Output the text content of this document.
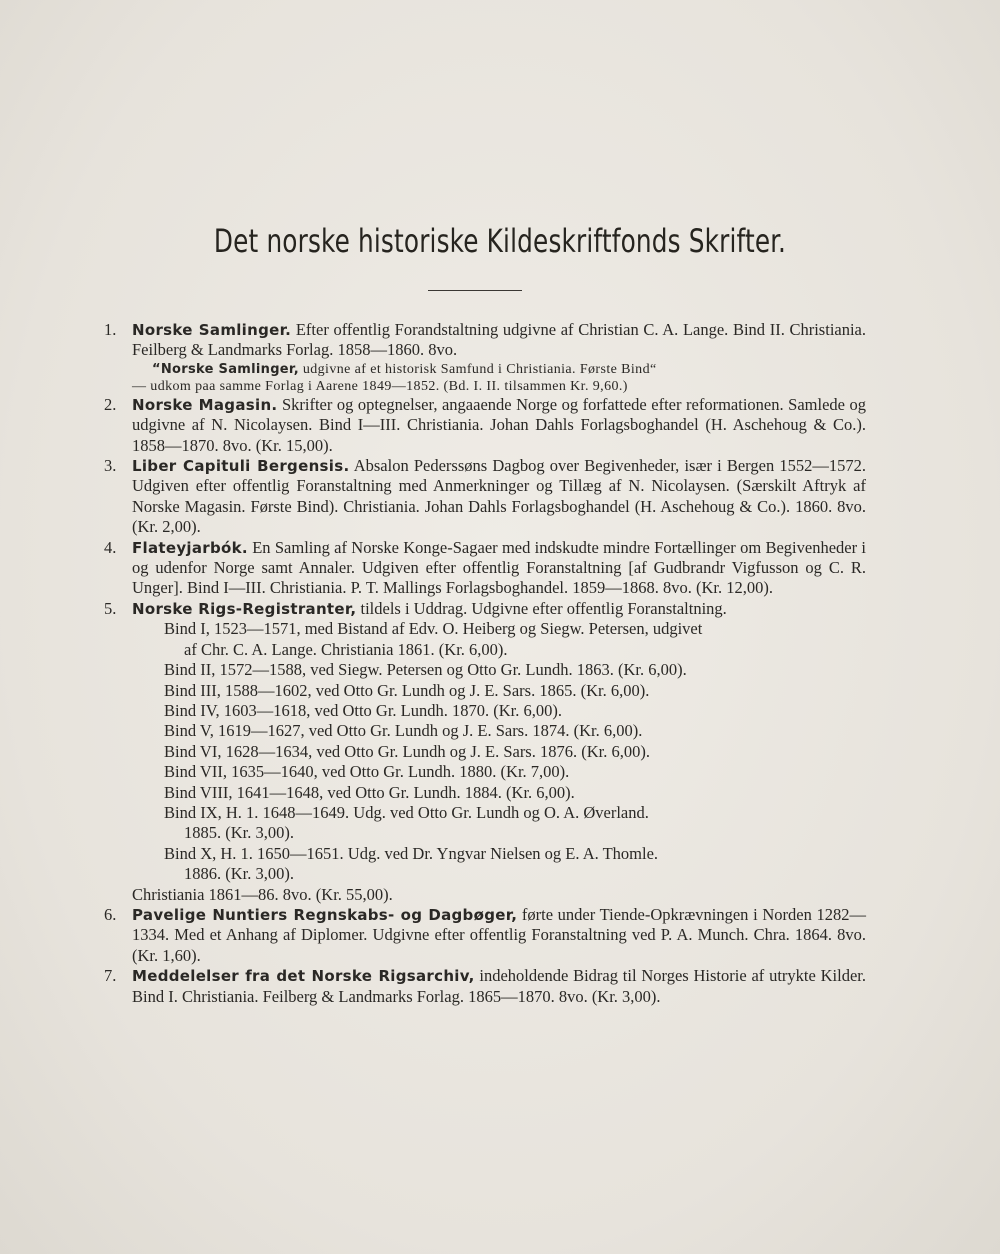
Det norske historiske Kildeskriftfonds Skrifter.
1. Norske Samlinger. Efter offentlig Forandstaltning udgivne af Christian C. A. Lange. Bind II. Christiania. Feilberg & Landmarks Forlag. 1858—1860. 8vo.
“Norske Samlinger, udgivne af et historisk Samfund i Christiania. Første Bind“
— udkom paa samme Forlag i Aarene 1849—1852. (Bd. I. II. tilsammen Kr. 9,60.)
2. Norske Magasin. Skrifter og optegnelser, angaaende Norge og forfattede efter reformationen. Samlede og udgivne af N. Nicolaysen. Bind I—III. Christiania. Johan Dahls Forlagsboghandel (H. Aschehoug & Co.). 1858—1870. 8vo. (Kr. 15,00).
3. Liber Capituli Bergensis. Absalon Pederssøns Dagbog over Begivenheder, især i Bergen 1552—1572. Udgiven efter offentlig Foranstaltning med Anmerkninger og Tillæg af N. Nicolaysen. (Særskilt Aftryk af Norske Magasin. Første Bind). Christiania. Johan Dahls Forlagsboghandel (H. Aschehoug & Co.). 1860. 8vo. (Kr. 2,00).
4. Flateyjarbók. En Samling af Norske Konge-Sagaer med indskudte mindre Fortællinger om Begivenheder i og udenfor Norge samt Annaler. Udgiven efter offentlig Foranstaltning [af Gudbrandr Vigfusson og C. R. Unger]. Bind I—III. Christiania. P. T. Mallings Forlagsboghandel. 1859—1868. 8vo. (Kr. 12,00).
5. Norske Rigs-Registranter, tildels i Uddrag. Udgivne efter offentlig Foranstaltning.
Bind I, 1523—1571, med Bistand af Edv. O. Heiberg og Siegw. Petersen, udgivet
af Chr. C. A. Lange. Christiania 1861. (Kr. 6,00).
Bind II, 1572—1588, ved Siegw. Petersen og Otto Gr. Lundh. 1863. (Kr. 6,00).
Bind III, 1588—1602, ved Otto Gr. Lundh og J. E. Sars. 1865. (Kr. 6,00).
Bind IV, 1603—1618, ved Otto Gr. Lundh. 1870. (Kr. 6,00).
Bind V, 1619—1627, ved Otto Gr. Lundh og J. E. Sars. 1874. (Kr. 6,00).
Bind VI, 1628—1634, ved Otto Gr. Lundh og J. E. Sars. 1876. (Kr. 6,00).
Bind VII, 1635—1640, ved Otto Gr. Lundh. 1880. (Kr. 7,00).
Bind VIII, 1641—1648, ved Otto Gr. Lundh. 1884. (Kr. 6,00).
Bind IX, H. 1. 1648—1649. Udg. ved Otto Gr. Lundh og O. A. Øverland.
1885. (Kr. 3,00).
Bind X, H. 1. 1650—1651. Udg. ved Dr. Yngvar Nielsen og E. A. Thomle.
1886. (Kr. 3,00).
Christiania 1861—86. 8vo. (Kr. 55,00).
6. Pavelige Nuntiers Regnskabs- og Dagbøger, førte under Tiende-Opkrævningen i Norden 1282—1334. Med et Anhang af Diplomer. Udgivne efter offentlig Foranstaltning ved P. A. Munch. Chra. 1864. 8vo. (Kr. 1,60).
7. Meddelelser fra det Norske Rigsarchiv, indeholdende Bidrag til Norges Historie af utrykte Kilder. Bind I. Christiania. Feilberg & Landmarks Forlag. 1865—1870. 8vo. (Kr. 3,00).
